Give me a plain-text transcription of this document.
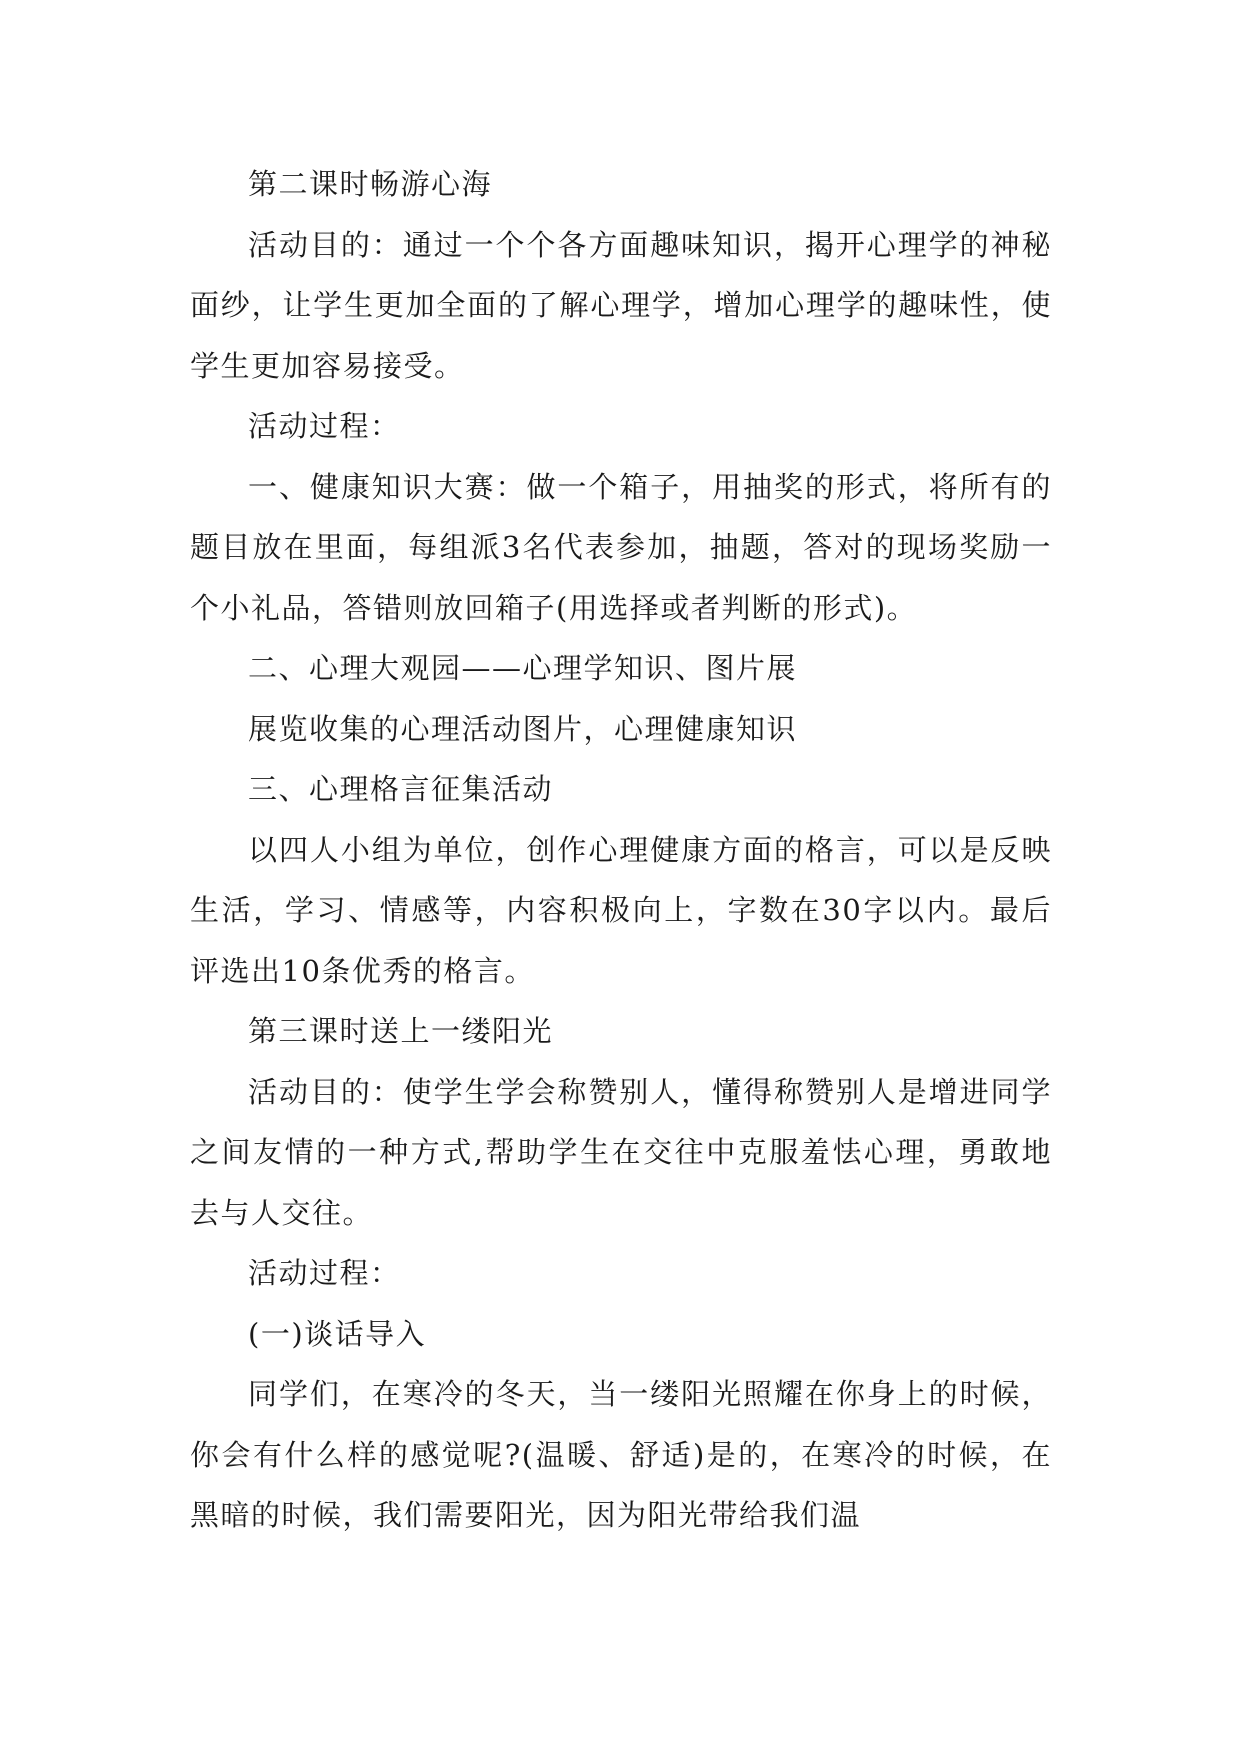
第二课时畅游心海

活动目的：通过一个个各方面趣味知识，揭开心理学的神秘面纱，让学生更加全面的了解心理学，增加心理学的趣味性，使学生更加容易接受。

活动过程：

一、健康知识大赛：做一个箱子，用抽奖的形式，将所有的题目放在里面，每组派3名代表参加，抽题，答对的现场奖励一个小礼品，答错则放回箱子(用选择或者判断的形式)。

二、心理大观园——心理学知识、图片展

展览收集的心理活动图片，心理健康知识

三、心理格言征集活动

以四人小组为单位，创作心理健康方面的格言，可以是反映生活，学习、情感等，内容积极向上，字数在30字以内。最后评选出10条优秀的格言。

第三课时送上一缕阳光

活动目的：使学生学会称赞别人，懂得称赞别人是增进同学之间友情的一种方式,帮助学生在交往中克服羞怯心理，勇敢地去与人交往。

活动过程：

(一)谈话导入

同学们，在寒冷的冬天，当一缕阳光照耀在你身上的时候，你会有什么样的感觉呢?(温暖、舒适)是的，在寒冷的时候，在黑暗的时候，我们需要阳光，因为阳光带给我们温
